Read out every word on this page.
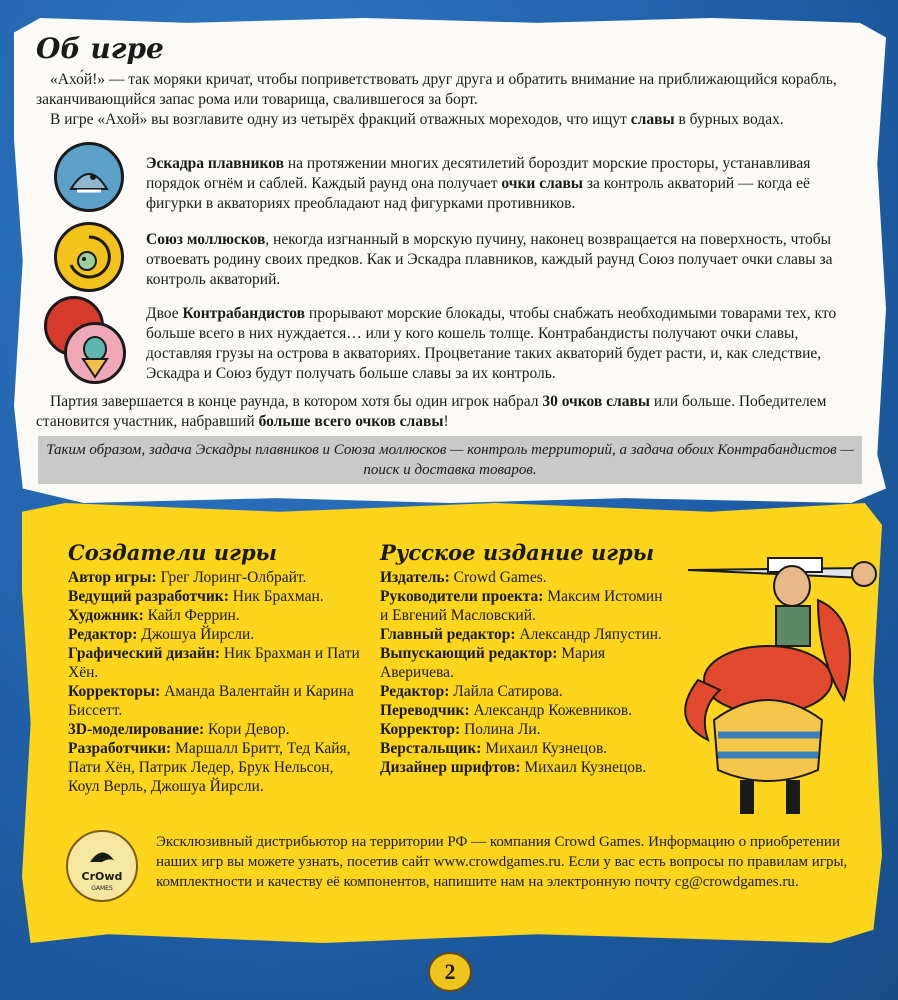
Об игре
«Ахо́й!» — так моряки кричат, чтобы поприветствовать друг друга и обратить внимание на приближающийся корабль, заканчивающийся запас рома или товарища, свалившегося за борт.
В игре «Ахой» вы возглавите одну из четырёх фракций отважных мореходов, что ищут славы в бурных водах.
Эскадра плавников на протяжении многих десятилетий бороздит морские просторы, устанавливая порядок огнём и саблей. Каждый раунд она получает очки славы за контроль акваторий — когда её фигурки в акваториях преобладают над фигурками противников.
Союз моллюсков, некогда изгнанный в морскую пучину, наконец возвращается на поверхность, чтобы отвоевать родину своих предков. Как и Эскадра плавников, каждый раунд Союз получает очки славы за контроль акваторий.
Двое Контрабандистов прорывают морские блокады, чтобы снабжать необходимыми товарами тех, кто больше всего в них нуждается… или у кого кошель толще. Контрабандисты получают очки славы, доставляя грузы на острова в акваториях. Процветание таких акваторий будет расти, и, как следствие, Эскадра и Союз будут получать больше славы за их контроль.
Партия завершается в конце раунда, в котором хотя бы один игрок набрал 30 очков славы или больше. Победителем становится участник, набравший больше всего очков славы!
Таким образом, задача Эскадры плавников и Союза моллюсков — контроль территорий, а задача обоих Контрабандистов — поиск и доставка товаров.
Создатели игры
Автор игры: Грег Лоринг-Олбрайт.
Ведущий разработчик: Ник Брахман.
Художник: Кайл Феррин.
Редактор: Джошуа Йирсли.
Графический дизайн: Ник Брахман и Пати Хён.
Корректоры: Аманда Валентайн и Карина Биссетт.
3D-моделирование: Кори Девор.
Разработчики: Маршалл Бритт, Тед Кайя, Пати Хён, Патрик Ледер, Брук Нельсон, Коул Верль, Джошуа Йирсли.
Русское издание игры
Издатель: Crowd Games.
Руководители проекта: Максим Истомин и Евгений Масловский.
Главный редактор: Александр Ляпустин.
Выпускающий редактор: Мария Аверичева.
Редактор: Лайла Сатирова.
Переводчик: Александр Кожевников.
Корректор: Полина Ли.
Верстальщик: Михаил Кузнецов.
Дизайнер шрифтов: Михаил Кузнецов.
CrOwd
GAMES
Эксклюзивный дистрибьютор на территории РФ — компания Crowd Games. Информацию о приобретении наших игр вы можете узнать, посетив сайт www.crowdgames.ru. Если у вас есть вопросы по правилам игры, комплектности и качеству её компонентов, напишите нам на электронную почту cg@crowdgames.ru.
2
